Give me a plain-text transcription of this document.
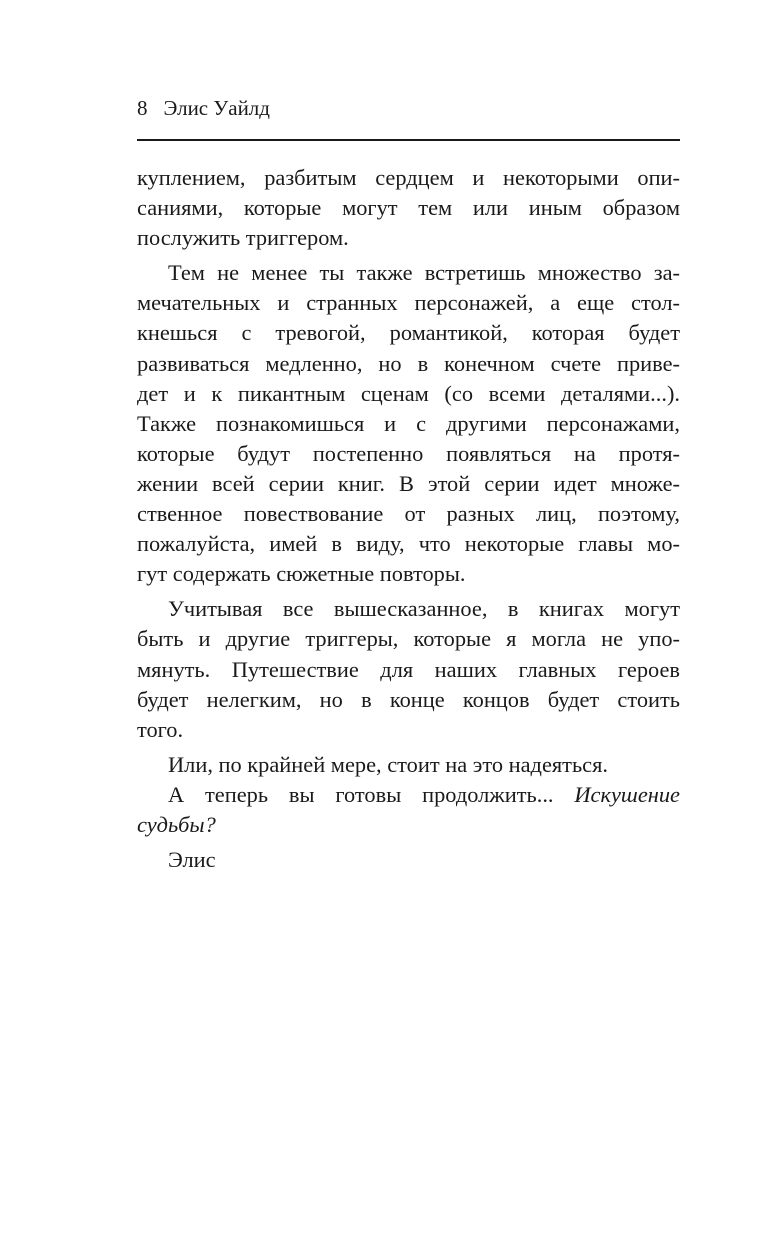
8 Элис Уайлд
куплением, разбитым сердцем и некоторыми опи-
саниями, которые могут тем или иным образом
послужить триггером.
Тем не менее ты также встретишь множество за-
мечательных и странных персонажей, а еще стол-
кнешься с тревогой, романтикой, которая будет
развиваться медленно, но в конечном счете приве-
дет и к пикантным сценам (со всеми деталями...).
Также познакомишься и с другими персонажами,
которые будут постепенно появляться на протя-
жении всей серии книг. В этой серии идет множе-
ственное повествование от разных лиц, поэтому,
пожалуйста, имей в виду, что некоторые главы мо-
гут содержать сюжетные повторы.
Учитывая все вышесказанное, в книгах могут
быть и другие триггеры, которые я могла не упо-
мянуть. Путешествие для наших главных героев
будет нелегким, но в конце концов будет стоить
того.
Или, по крайней мере, стоит на это надеяться.
А теперь вы готовы продолжить... Искушение
судьбы?
Элис
